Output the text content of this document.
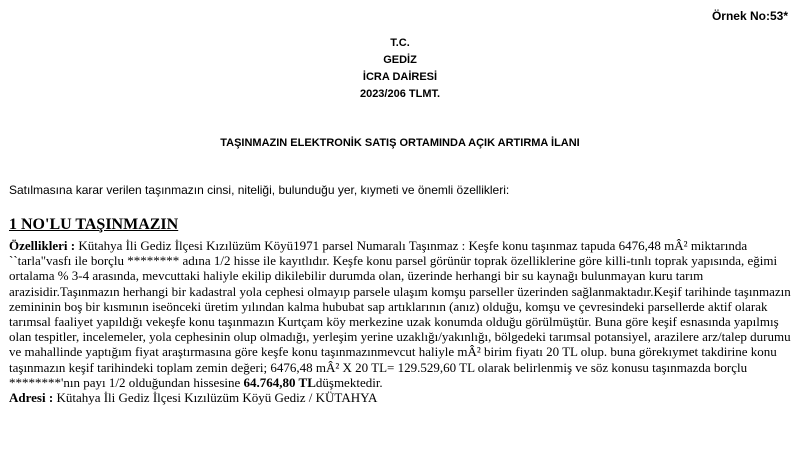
Örnek No:53*
T.C.
GEDİZ
İCRA DAİRESİ
2023/206 TLMT.
TAŞINMAZIN ELEKTRONİK SATIŞ ORTAMINDA AÇIK ARTIRMA İLANI
Satılmasına karar verilen taşınmazın cinsi, niteliği, bulunduğu yer, kıymeti ve önemli özellikleri:
1 NO'LU TAŞINMAZIN

Özellikleri : Kütahya İli Gediz İlçesi Kızılüzüm Köyü1971 parsel Numaralı Taşınmaz : Keşfe konu taşınmaz tapuda 6476,48 mÂ² miktarında ``tarla"vasfı ile borçlu ******** adına 1/2 hisse ile kayıtlıdır. Keşfe konu parsel görünür toprak özelliklerine göre killi-tınlı toprak yapısında, eğimi ortalama % 3-4 arasında, mevcuttaki haliyle ekilip dikilebilir durumda olan, üzerinde herhangi bir su kaynağı bulunmayan kuru tarım arazisidir.Taşınmazın herhangi bir kadastral yola cephesi olmayıp parsele ulaşım komşu parseller üzerinden sağlanmaktadır.Keşif tarihinde taşınmazın zemininin boş bir kısmının iseönceki üretim yılından kalma hububat sap artıklarının (anız) olduğu, komşu ve çevresindeki parsellerde aktif olarak tarımsal faaliyet yapıldığı vekeşfe konu taşınmazın Kurtçam köy merkezine uzak konumda olduğu görülmüştür. Buna göre keşif esnasında yapılmış olan tespitler, incelemeler, yola cephesinin olup olmadığı, yerleşim yerine uzaklığı/yakınlığı, bölgedeki tarımsal potansiyel, arazilere arz/talep durumu ve mahallinde yaptığım fiyat araştırmasına göre keşfe konu taşınmazınmevcut haliyle mÂ² birim fiyatı 20 TL olup. buna görekıymet takdirine konu taşınmazın keşif tarihindeki toplam zemin değeri; 6476,48 mÂ² X 20 TL= 129.529,60 TL olarak belirlenmiş ve söz konusu taşınmazda borçlu ********'nın payı 1/2 olduğundan hissesine 64.764,80 TLdüşmektedir.

Adresi : Kütahya İli Gediz İlçesi Kızılüzüm Köyü Gediz / KÜTAHYA
